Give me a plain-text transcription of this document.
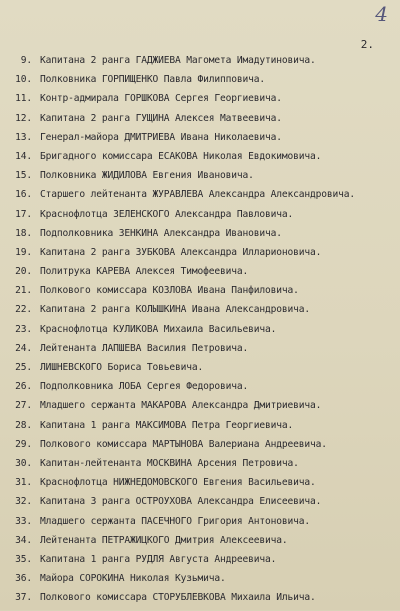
4
2.
9. Капитана 2 ранга ГАДЖИЕВА Магомета Имадутиновича.
10. Полковника ГОРПИЩЕНКО Павла Филипповича.
11. Контр-адмирала ГОРШКОВА Сергея Георгиевича.
12. Капитана 2 ранга ГУЩИНА Алексея Матвеевича.
13. Генерал-майора ДМИТРИЕВА Ивана Николаевича.
14. Бригадного комиссара ЕСАКОВА Николая Евдокимовича.
15. Полковника ЖИДИЛОВА Евгения Ивановича.
16. Старшего лейтенанта ЖУРАВЛЕВА Александра Александровича.
17. Краснофлотца ЗЕЛЕНСКОГО Александра Павловича.
18. Подполковника ЗЕНКИНА Александра Ивановича.
19. Капитана 2 ранга ЗУБКОВА Александра Илларионовича.
20. Политрука КАРЕВА Алексея Тимофеевича.
21. Полкового комиссара КОЗЛОВА Ивана Панфиловича.
22. Капитана 2 ранга КОЛЫШКИНА Ивана Александровича.
23. Краснофлотца КУЛИКОВА Михаила Васильевича.
24. Лейтенанта ЛАПШЕВА Василия Петровича.
25. ЛИШНЕВСКОГО Бориса Товьевича.
26. Подполковника ЛОБА Сергея Федоровича.
27. Младшего сержанта МАКАРОВА Александра Дмитриевича.
28. Капитана 1 ранга МАКСИМОВА Петра Георгиевича.
29. Полкового комиссара МАРТЫНОВА Валериана Андреевича.
30. Капитан-лейтенанта МОСКВИНА Арсения Петровича.
31. Краснофлотца НИЖНЕДОМОВСКОГО Евгения Васильевича.
32. Капитана 3 ранга ОСТРОУХОВА Александра Елисеевича.
33. Младшего сержанта ПАСЕЧНОГО Григория Антоновича.
34. Лейтенанта ПЕТРАЖИЦКОГО Дмитрия Алексеевича.
35. Капитана 1 ранга РУДЛЯ Августа Андреевича.
36. Майора СОРОКИНА Николая Кузьмича.
37. Полкового комиссара СТОРУБЛЕВКОВА Михаила Ильича.
